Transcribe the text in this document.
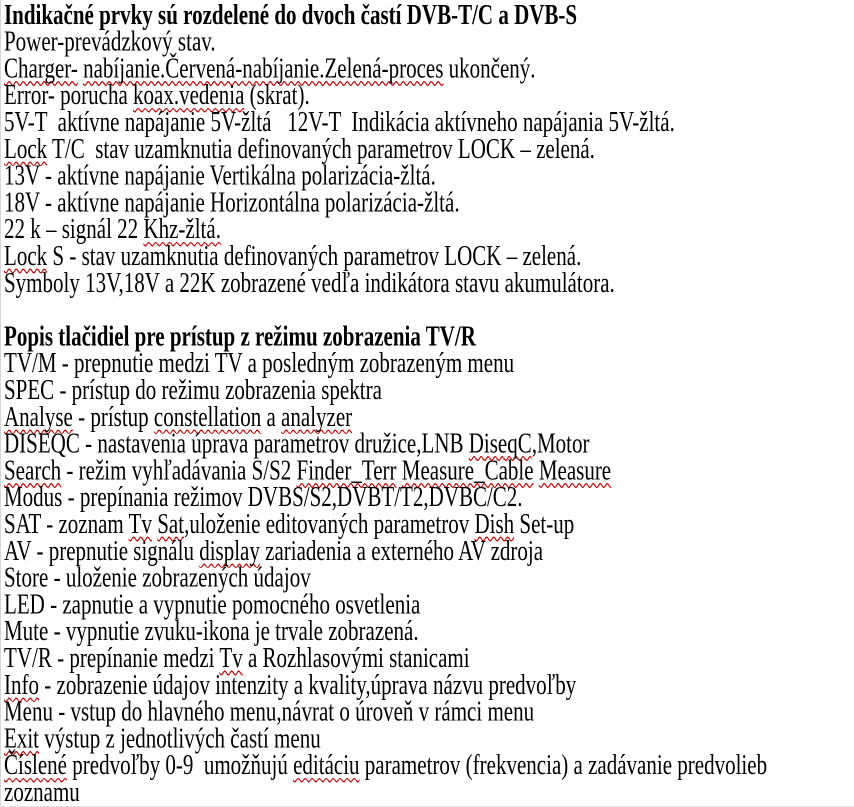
Indikačné prvky sú rozdelené do dvoch častí DVB-T/C a DVB-S
Power-prevádzkový stav.
Charger- nabíjanie.Červená-nabíjanie.Zelená-proces ukončený.
Error- porucha koax.vedenia (skrat).
5V-T  aktívne napájanie 5V-žltá   12V-T  Indikácia aktívneho napájania 5V-žltá.
Lock T/C  stav uzamknutia definovaných parametrov LOCK – zelená.
13V - aktívne napájanie Vertikálna polarizácia-žltá.
18V - aktívne napájanie Horizontálna polarizácia-žltá.
22 k – signál 22 Khz-žltá.
Lock S - stav uzamknutia definovaných parametrov LOCK – zelená.
Symboly 13V,18V a 22K zobrazené vedľa indikátora stavu akumulátora.
Popis tlačidiel pre prístup z režimu zobrazenia TV/R
TV/M - prepnutie medzi TV a posledným zobrazeným menu
SPEC - prístup do režimu zobrazenia spektra
Analyse - prístup constellation a analyzer
DISEQC - nastavenia úprava parametrov družice,LNB DiseqC,Motor
Search - režim vyhľadávania S/S2 Finder_Terr Measure_Cable Measure
Modus - prepínania režimov DVBS/S2,DVBT/T2,DVBC/C2.
SAT - zoznam Tv Sat,uloženie editovaných parametrov Dish Set-up
AV - prepnutie signálu display zariadenia a externého AV zdroja
Store - uloženie zobrazených údajov
LED - zapnutie a vypnutie pomocného osvetlenia
Mute - vypnutie zvuku-ikona je trvale zobrazená.
TV/R - prepínanie medzi Tv a Rozhlasovými stanicami
Info - zobrazenie údajov intenzity a kvality,úprava názvu predvoľby
Menu - vstup do hlavného menu,návrat o úroveň v rámci menu
Exit výstup z jednotlivých častí menu
Číslené predvoľby 0-9  umožňujú editáciu parametrov (frekvencia) a zadávanie predvolieb
zoznamu
